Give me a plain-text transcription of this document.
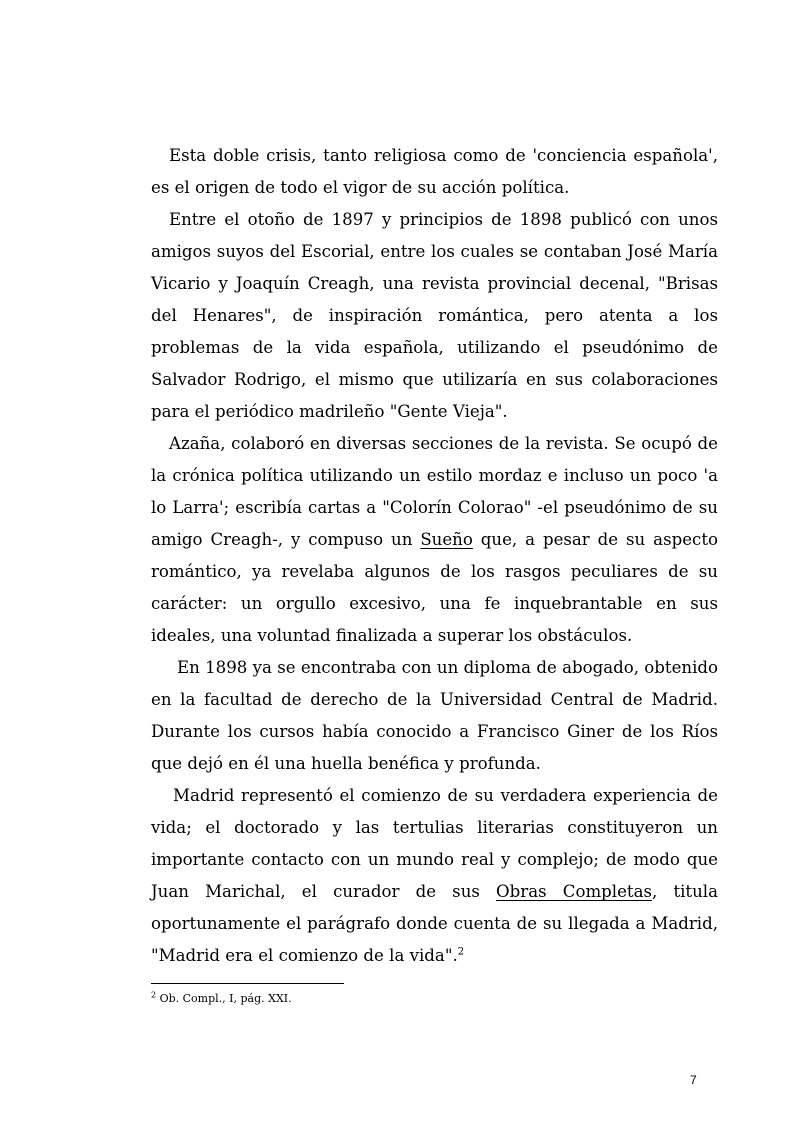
Esta doble crisis, tanto religiosa como de 'conciencia española', es el origen de todo el vigor de su acción política.

Entre el otoño de 1897 y principios de 1898 publicó con unos amigos suyos del Escorial, entre los cuales se contaban José María Vicario y Joaquín Creagh, una revista provincial decenal, "Brisas del Henares", de inspiración romántica, pero atenta a los problemas de la vida española, utilizando el pseudónimo de Salvador Rodrigo, el mismo que utilizaría en sus colaboraciones para el periódico madrileño "Gente Vieja".

Azaña, colaboró en diversas secciones de la revista. Se ocupó de la crónica política utilizando un estilo mordaz e incluso un poco 'a lo Larra'; escribía cartas a "Colorín Colorao" -el pseudónimo de su amigo Creagh-, y compuso un Sueño que, a pesar de su aspecto romántico, ya revelaba algunos de los rasgos peculiares de su carácter: un orgullo excesivo, una fe inquebrantable en sus ideales, una voluntad finalizada a superar los obstáculos.

En 1898 ya se encontraba con un diploma de abogado, obtenido en la facultad de derecho de la Universidad Central de Madrid. Durante los cursos había conocido a Francisco Giner de los Ríos que dejó en él una huella benéfica y profunda.

Madrid representó el comienzo de su verdadera experiencia de vida; el doctorado y las tertulias literarias constituyeron un importante contacto con un mundo real y complejo; de modo que Juan Marichal, el curador de sus Obras Completas, titula oportunamente el parágrafo donde cuenta de su llegada a Madrid, "Madrid era el comienzo de la vida".$^2$

$^2$ Ob. Compl., I, pág. XXI.
7
